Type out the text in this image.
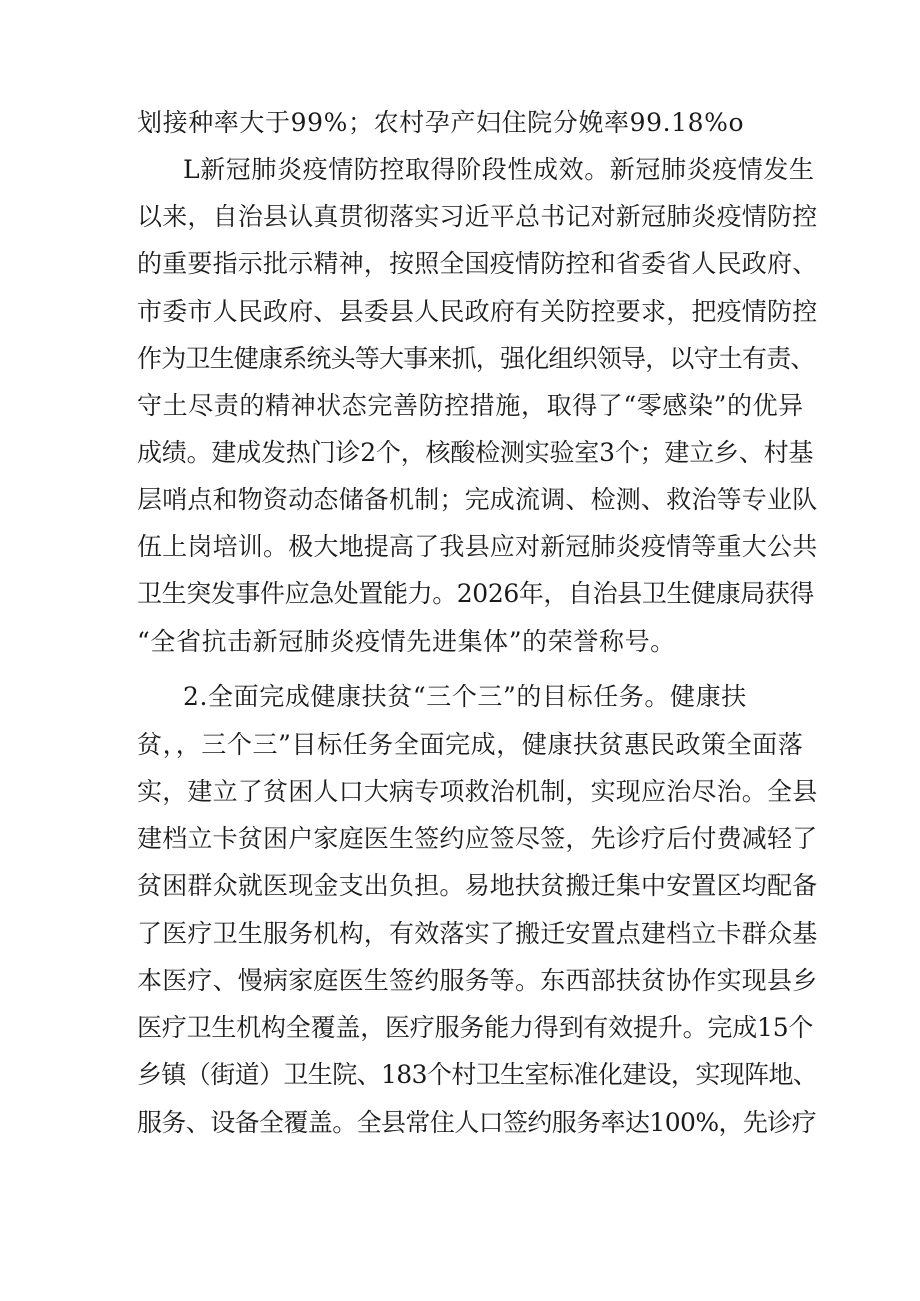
划接种率大于99%；农村孕产妇住院分娩率99.18%o
L新冠肺炎疫情防控取得阶段性成效。新冠肺炎疫情发生
以来，自治县认真贯彻落实习近平总书记对新冠肺炎疫情防控
的重要指示批示精神，按照全国疫情防控和省委省人民政府、
市委市人民政府、县委县人民政府有关防控要求，把疫情防控
作为卫生健康系统头等大事来抓，强化组织领导，以守土有责、
守土尽责的精神状态完善防控措施，取得了“零感染”的优异
成绩。建成发热门诊2个，核酸检测实验室3个；建立乡、村基
层哨点和物资动态储备机制；完成流调、检测、救治等专业队
伍上岗培训。极大地提高了我县应对新冠肺炎疫情等重大公共
卫生突发事件应急处置能力。2026年，自治县卫生健康局获得
“全省抗击新冠肺炎疫情先进集体”的荣誉称号。
2.全面完成健康扶贫“三个三”的目标任务。健康扶
贫，，三个三”目标任务全面完成，健康扶贫惠民政策全面落
实，建立了贫困人口大病专项救治机制，实现应治尽治。全县
建档立卡贫困户家庭医生签约应签尽签，先诊疗后付费减轻了
贫困群众就医现金支出负担。易地扶贫搬迁集中安置区均配备
了医疗卫生服务机构，有效落实了搬迁安置点建档立卡群众基
本医疗、慢病家庭医生签约服务等。东西部扶贫协作实现县乡
医疗卫生机构全覆盖，医疗服务能力得到有效提升。完成15个
乡镇（街道）卫生院、183个村卫生室标准化建设，实现阵地、
服务、设备全覆盖。全县常住人口签约服务率达100%，先诊疗
